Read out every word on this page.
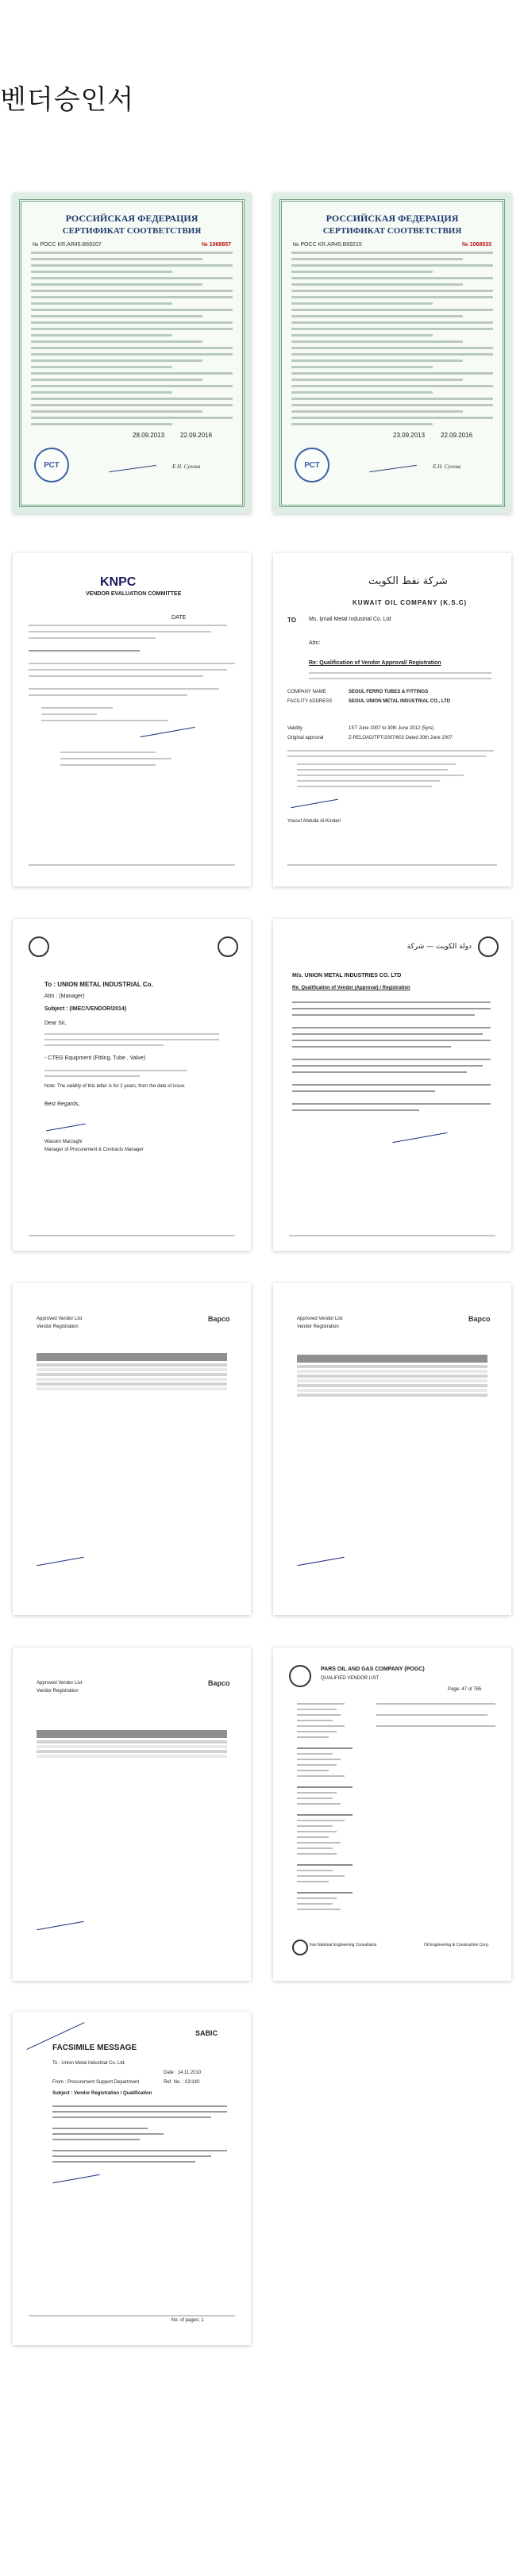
벤더승인서
РОССИЙСКАЯ ФЕДЕРАЦИЯ
СЕРТИФИКАТ СООТВЕТСТВИЯ
№ РОСС KR.АЯ45.В69207	№ 1068657
28.09.2013 22.09.2016
РСТ	Е.Н. Сулова
РОССИЙСКАЯ ФЕДЕРАЦИЯ
СЕРТИФИКАТ СООТВЕТСТВИЯ
№ РОСС KR.АЯ45.В69215	№ 1068533
23.09.2013 22.09.2016
РСТ	Е.Н. Сулова
KNPC
VENDOR EVALUATION COMMITTEE
DATE
شركة نفط الكويت
KUWAIT OIL COMPANY (K.S.C)
TO Ms. Ijmail Metal Industrial Co. Ltd
Attn:
Re: Qualification of Vendor Approval/ Registration
COMPANY NAME	SEOUL FERRO TUBES & FITTINGS
FACILITY ADDRESS	SEOUL UNION METAL INDUSTRIAL CO., LTD
Validity	1ST June 2007 to 30th June 2012 (5yrs)
Original approval	Z-RELOAD/TPT/2007/602 Dated 30th June 2007
Yousuf Abdulla Al-Kindari
To : UNION METAL INDUSTRIAL Co.
Attn : (Manager)
Subject : (IMEC/VENDOR/2014)
Dear Sir,
- CTEG Equipment (Fitting, Tube , Valve)
Note: The validity of this letter is for 2 years, from the date of issue.
Best Regards,
Wassim Marzaghi
Manager of Procurement & Contracts Manager
دولة الكويت — شركة
M/s. UNION METAL INDUSTRIES CO. LTD
Re: Qualification of Vendor (Approval) / Registration
Bapco
Approved Vendor List
Vendor Registration
Bapco
Approved Vendor List
Vendor Registration
Bapco
Approved Vendor List
Vendor Registration
PARS OIL AND GAS COMPANY (POGC)
QUALIFIED VENDOR LIST
Page: 47 of 765
Iran National Engineering Consultants	Oil Engineering & Construction Corp.
SABIC
FACSIMILE MESSAGE
To : Union Metal Industrial Co. Ltd.
From : Procurement Support Department
Date : 14.11.2010
Ref. No. : 02/140
Subject : Vendor Registration / Qualification
No. of pages: 1
